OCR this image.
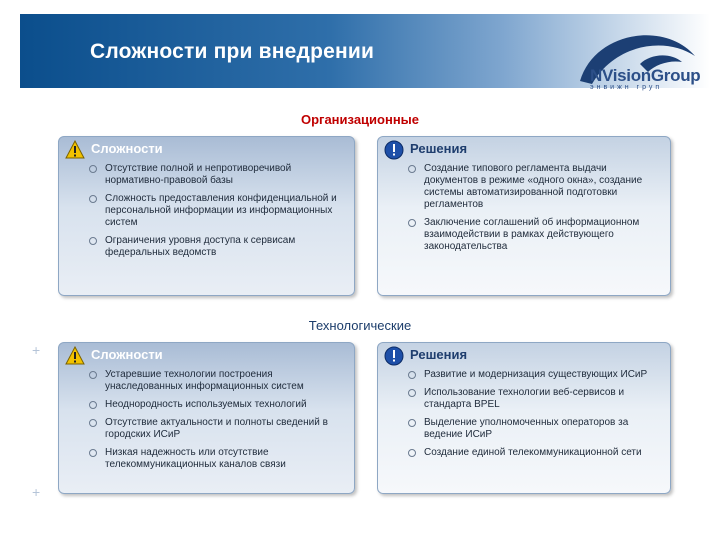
Сложности при внедрении
NVisionGroup
энвижн груп
Организационные
Сложности
Отсутствие полной и непротиворечивой нормативно-правовой базы
Сложность предоставления конфиденциальной и персональной информации из информационных систем
Ограничения уровня доступа к сервисам федеральных ведомств
Решения
Создание типового регламента выдачи документов в режиме «одного окна», создание системы автоматизированной подготовки регламентов
Заключение соглашений об информационном взаимодействии в рамках действующего законодательства
Технологические
Сложности
Устаревшие технологии построения унаследованных информационных систем
Неоднородность используемых технологий
Отсутствие актуальности и полноты сведений в городских ИСиР
Низкая надежность или отсутствие телекоммуникационных каналов связи
Решения
Развитие и модернизация существующих ИСиР
Использование технологии веб-сервисов и стандарта BPEL
Выделение уполномоченных операторов за ведение ИСиР
Создание единой телекоммуникационной сети
+
+
